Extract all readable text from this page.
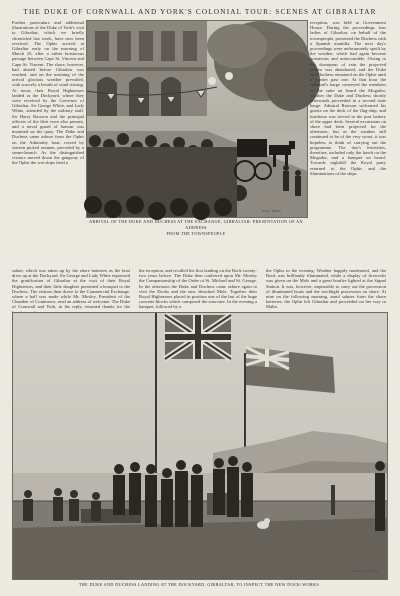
THE DUKE OF CORNWALL AND YORK'S COLONIAL TOUR: SCENES AT GIBRALTAR
Further particulars and additional illustrations of the Duke of York's visit to Gibraltar, which we briefly chronicled last week, have now been received. The Ophir arrived at Gibraltar early on the morning of March 25, after a rather boisterous passage between Cape St. Vincent and Cape St. Vincent. The shore, however, had abated before Gibraltar was reached, and on the morning of the arrival glorious weather prevailed, with scarcely a breath of wind stirring. At noon, their Royal Highnesses landed at the Dockyard, where they were received by the Governor of Gibraltar, Sir George White, and Lady White, attended by the military staff. Sir Harry Rawson and the principal officers of the fleet were also present, and a naval guard of honour was mounted on the quay. The Duke and Duchess came ashore from the Ophir on the Admiralty boat, rowed by sixteen picked seamen, preceded by a steam-launch. As the distinguished visitors moved down the gangway of the Ophir the war ships fired a
Photo. Milton
ARRIVAL OF THE DUKE AND DUCHESS AT THE EXCHANGE, GIBRALTAR: PRESENTATION OF AN ADDRESS
FROM THE TOWNSPEOPLE
reception, was held at Government House. During the proceedings four ladies of Gibraltar, on behalf of the townspeople, presented the Duchess with a Spanish mantilla. The next day's proceedings were unfortunately spoilt by the weather, which had again become boisterous and unfavourable. Owing to the downpour of rain the projected review was abandoned, and the Duke and Duchess remained on the Ophir until a quarter past one. At that hour the Admiral's barge conveyed the members of the suite on board the Mogador, whither the Duke and Duchess shortly afterwards proceeded in a second state barge. Admiral Rawson welcomed his guests on the deck of the flag-ship, and luncheon was served in the port battery of the upper deck. Several excursions on shore had been projected for the afternoon, but as the weather still continued to be of the very worst, it was hopeless to think of carrying out the programme. The day's festivities, therefore, included only the lunch on the Mogador, and a banquet on board. Towards nightfall the Royal party returned to the Ophir, and the illuminations of the ships
salute, which was taken up by the shore batteries as the boat drew up at the Dockyard. Sir George and Lady White expressed the gratification of Gibraltar at the visit of their Royal Highnesses, and their little daughter presented a bouquet to the Duchess. The visitors then drove to the Commercial Exchange, where a ball was made while Mr. Mosley, President of the Chamber of Commerce, read an address of welcome. The Duke of Cornwall and York, in his reply, returned thanks for the
the reception, and recalled his first landing on the Rock twenty-two years before. The Duke then conferred upon Mr. Mosley the Companionship of the Order of St. Michael and St. George. In the afternoon the Duke and Duchess came ashore again to visit the Docks and the new detached Mole. Together their Royal Highnesses placed in position one of the last of the huge concrete blocks which composed the structure. In the evening a banquet, followed by a
the Ophir in the evening. Weather happily moderated, and the Rock was brilliantly illuminated, while a display of fireworks was given on the Mole and a great bonfire lighted at the Signal Station. It was, however, impossible to carry out the procession of illuminated boats and the torchlight procession on shore. At nine on the following morning, amid salutes from the shore batteries, the Ophir left Gibraltar and proceeded on her way to Malta.
Photo. J. W. Gomes
THE DUKE AND DUCHESS LANDING AT THE DOCKYARD, GIBRALTAR, TO INSPECT THE NEW DOCK-WORKS
